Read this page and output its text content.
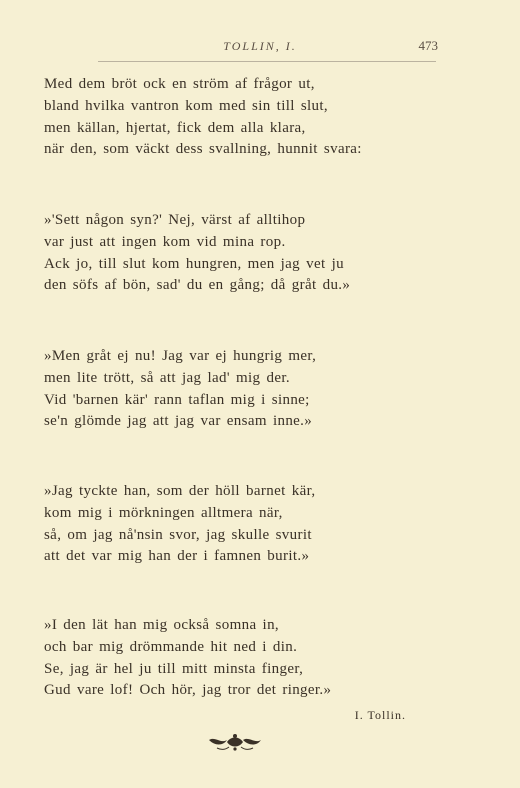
TOLLIN, I.	473
Med dem bröt ock en ström af frågor ut,
bland hvilka vantron kom med sin till slut,
men källan, hjertat, fick dem alla klara,
när den, som väckt dess svallning, hunnit svara:
»'Sett någon syn?' Nej, värst af alltihop
var just att ingen kom vid mina rop.
Ack jo, till slut kom hungren, men jag vet ju
den söfs af bön, sad' du en gång; då gråt du.»
»Men gråt ej nu! Jag var ej hungrig mer,
men lite trött, så att jag lad' mig der.
Vid 'barnen kär' rann taflan mig i sinne;
se'n glömde jag att jag var ensam inne.»
»Jag tyckte han, som der höll barnet kär,
kom mig i mörkningen alltmera när,
så, om jag nå'nsin svor, jag skulle svurit
att det var mig han der i famnen burit.»
»I den lät han mig också somna in,
och bar mig drömmande hit ned i din.
Se, jag är hel ju till mitt minsta finger,
Gud vare lof! Och hör, jag tror det ringer.»
I. Tollin.
